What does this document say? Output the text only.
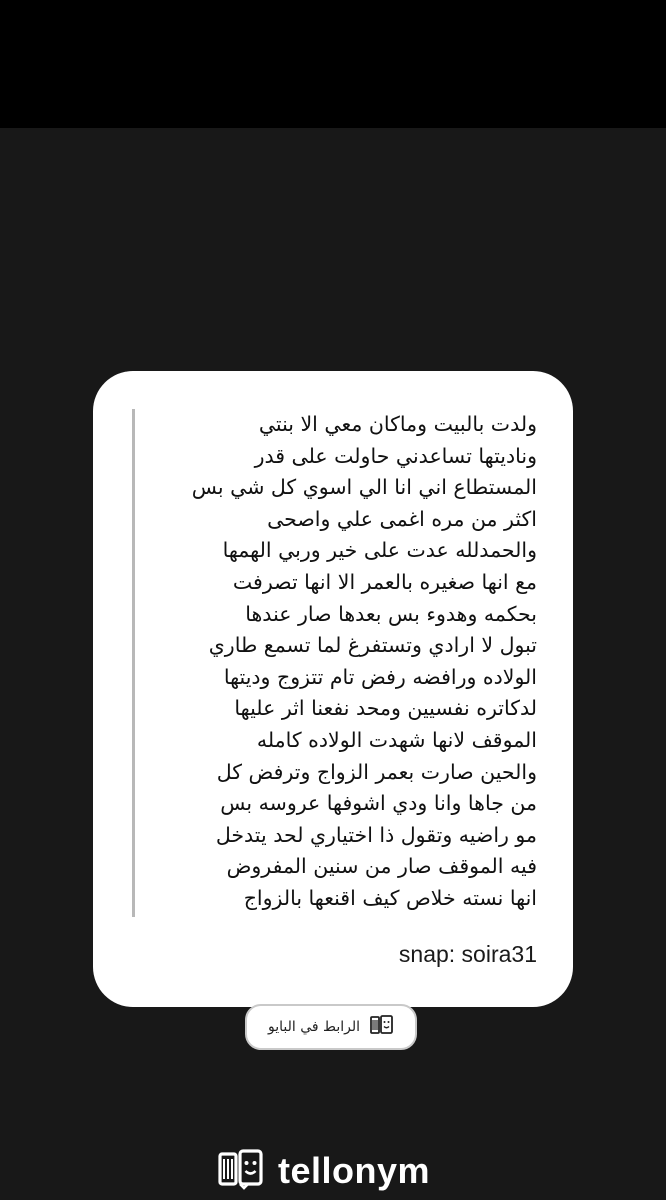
ولدت بالبيت وماكان معي الا بنتي
وناديتها تساعدني حاولت على قدر
المستطاع اني انا الي اسوي كل شي بس
اكثر من مره اغمى علي واصحى
والحمدلله عدت على خير وربي الهمها
مع انها صغيره بالعمر الا انها تصرفت
بحكمه وهدوء بس بعدها صار عندها
تبول لا ارادي وتستفرغ لما تسمع طاري
الولاده ورافضه رفض تام تتزوج وديتها
لدكاتره نفسيين ومحد نفعنا اثر عليها
الموقف لانها شهدت الولاده كامله
والحين صارت بعمر الزواج وترفض كل
من جاها وانا ودي اشوفها عروسه بس
مو راضيه وتقول ذا اختياري لحد يتدخل
فيه الموقف صار من سنين المفروض
انها نسته خلاص كيف اقنعها بالزواج

snap: soira31
الرابط في البايو
tellonym
